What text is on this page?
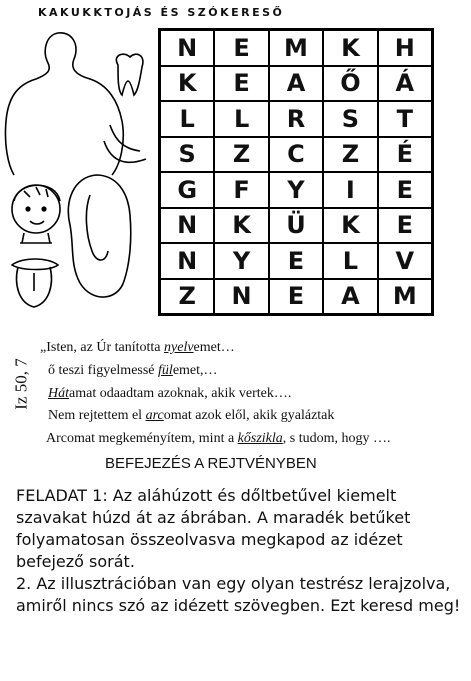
KAKUKKTOJÁS ÉS SZÓKERESŐ
N	E	M	K	H
K	E	A	Ő	Á
L	L	R	S	T
S	Z	C	Z	É
G	F	Y	I	E
N	K	Ü	K	E
N	Y	E	L	V
Z	N	E	A	M
Iz 50, 7
„Isten, az Úr tanította nyelvemet…
ő teszi figyelmessé fülemet,…
Hátamat odaadtam azoknak, akik vertek….
Nem rejtettem el arcomat azok elől, akik gyaláztak
Arcomat megkeményítem, mint a kőszikla, s tudom, hogy ….
BEFEJEZÉS A REJTVÉNYBEN
FELADAT 1: Az aláhúzott és dőltbetűvel kiemelt szavakat húzd át az ábrában. A maradék betűket folyamatosan összeolvasva megkapod az idézet befejező sorát.
2. Az illusztrációban van egy olyan testrész lerajzolva, amiről nincs szó az idézett szövegben. Ezt keresd meg!
